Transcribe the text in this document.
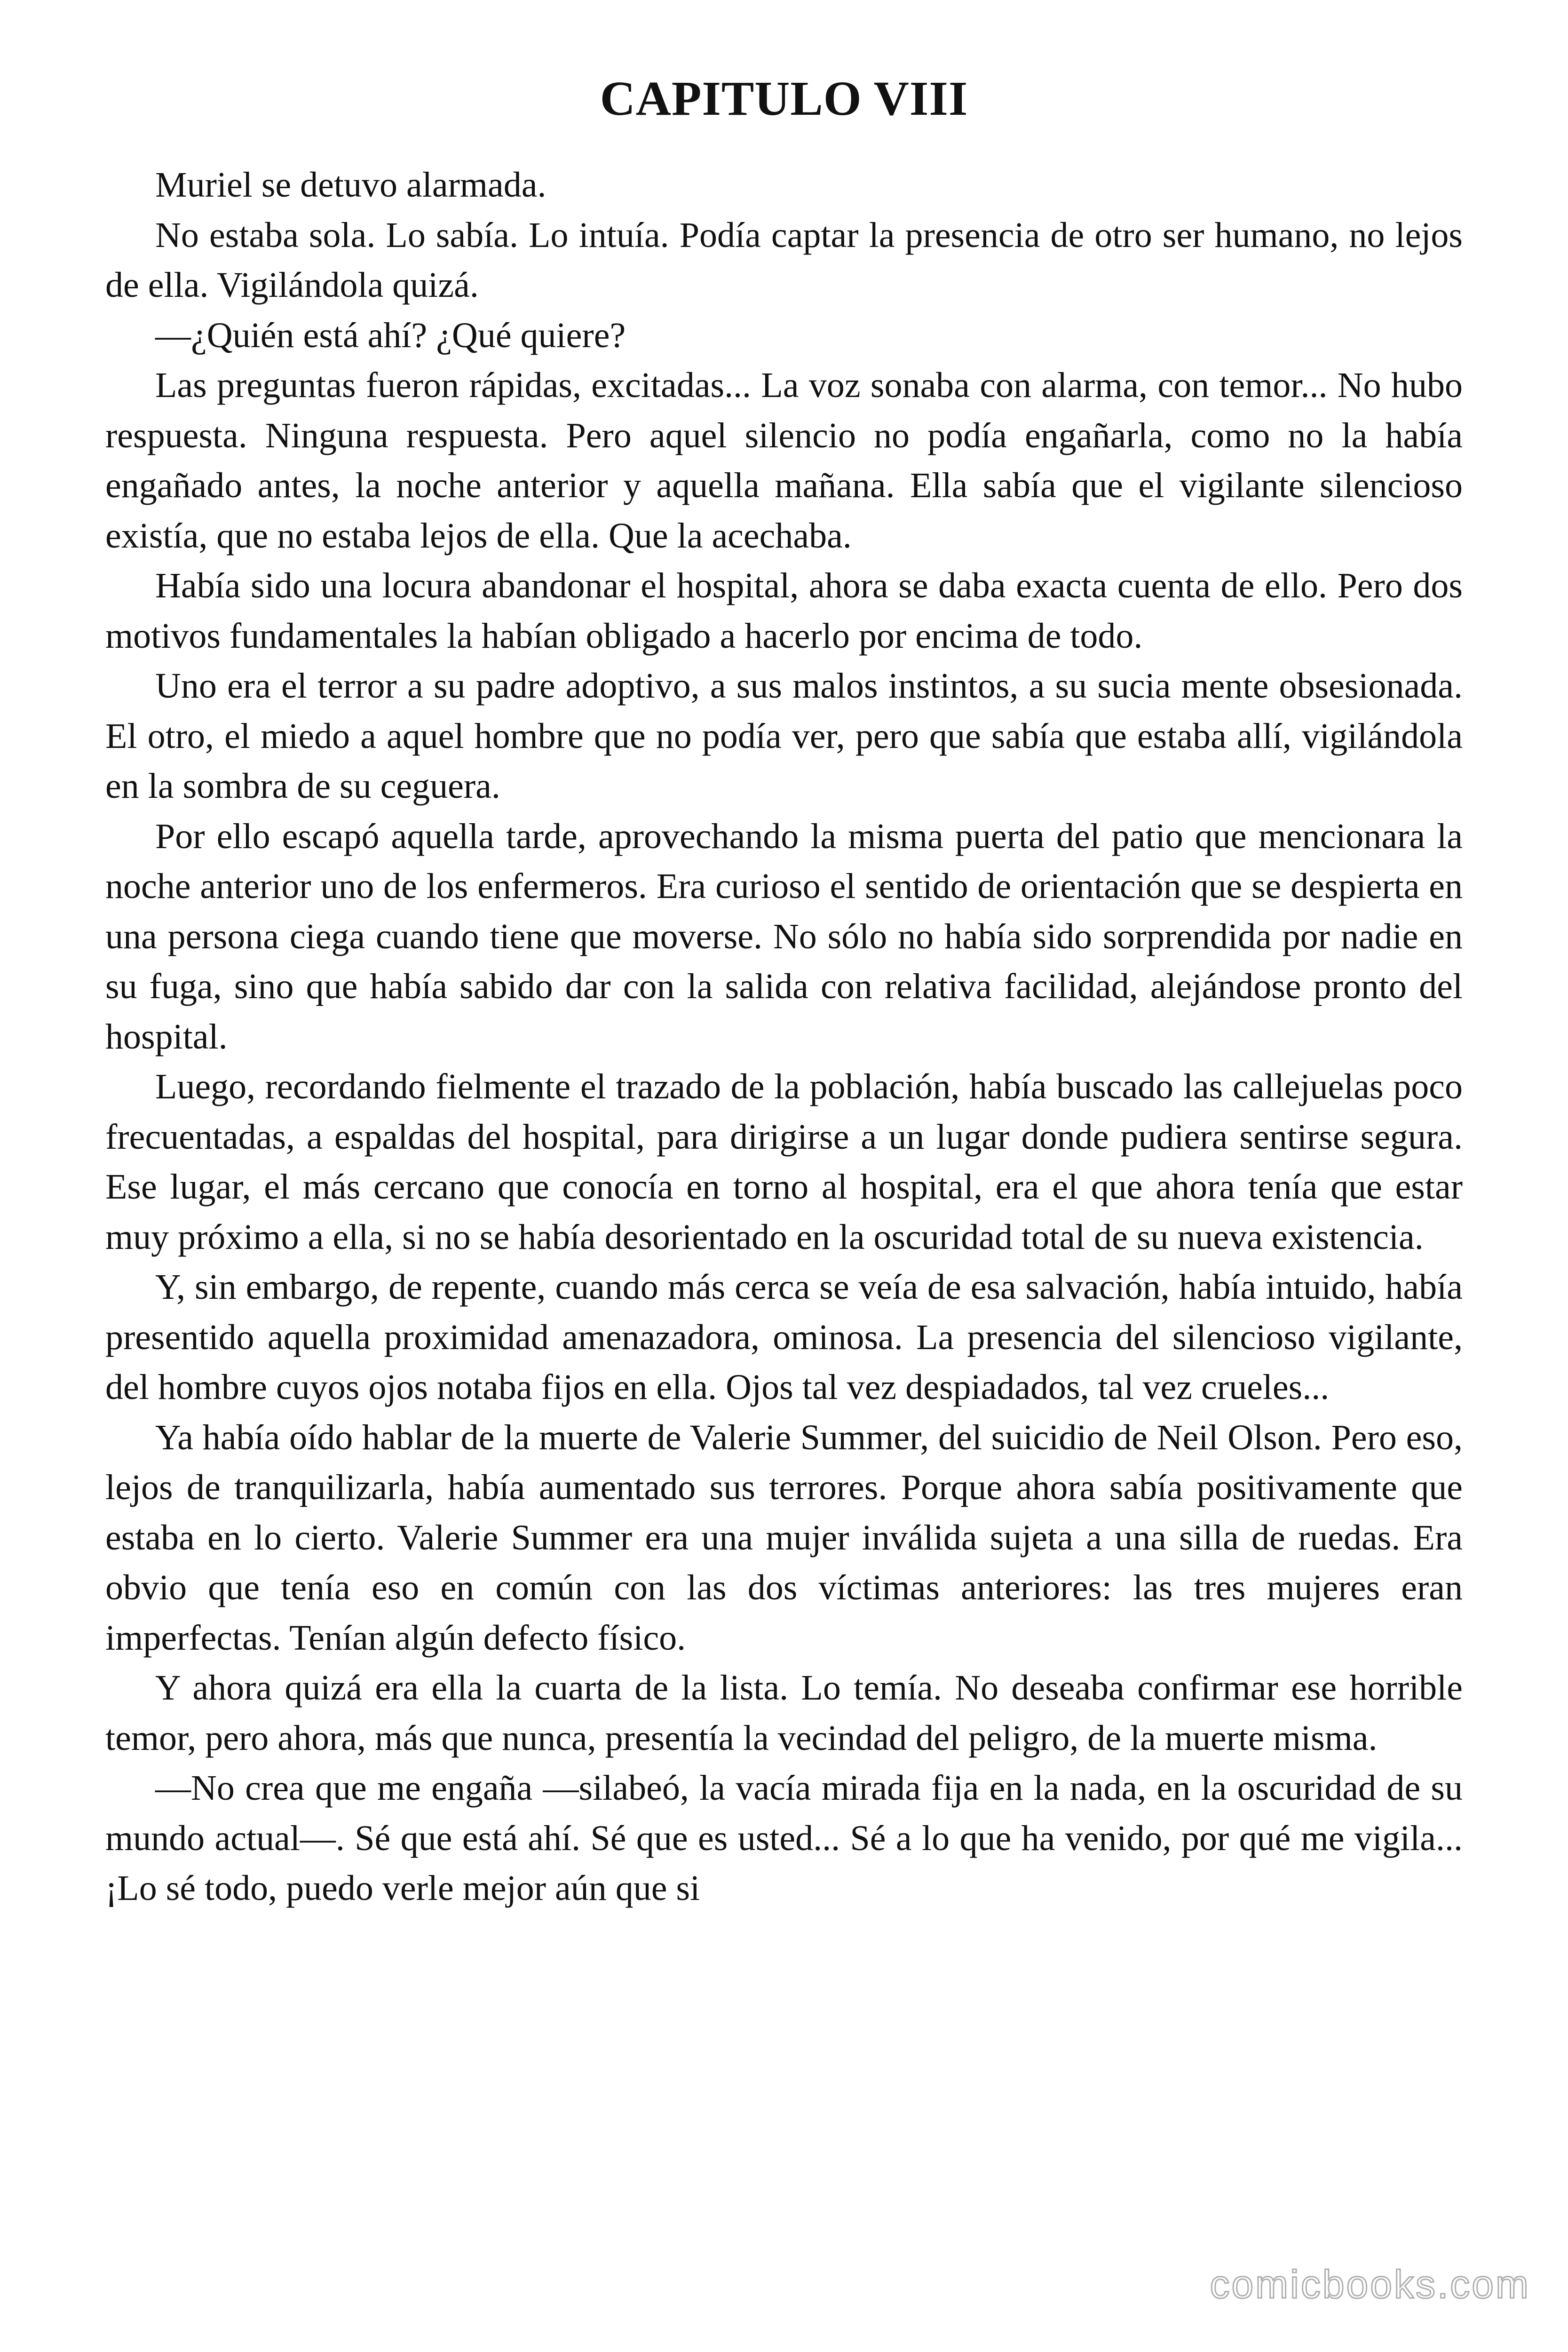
CAPITULO VIII

Muriel se detuvo alarmada.

No estaba sola. Lo sabía. Lo intuía. Podía captar la presencia de otro ser humano, no lejos de ella. Vigilándola quizá.

—¿Quién está ahí? ¿Qué quiere?

Las preguntas fueron rápidas, excitadas... La voz sonaba con alarma, con temor... No hubo respuesta. Ninguna respuesta. Pero aquel silencio no podía engañarla, como no la había engañado antes, la noche anterior y aquella mañana. Ella sabía que el vigilante silencioso existía, que no estaba lejos de ella. Que la acechaba.

Había sido una locura abandonar el hospital, ahora se daba exacta cuenta de ello. Pero dos motivos fundamentales la habían obligado a hacerlo por encima de todo.

Uno era el terror a su padre adoptivo, a sus malos instintos, a su sucia mente obsesionada. El otro, el miedo a aquel hombre que no podía ver, pero que sabía que estaba allí, vigilándola en la sombra de su ceguera.

Por ello escapó aquella tarde, aprovechando la misma puerta del patio que mencionara la noche anterior uno de los enfermeros. Era curioso el sentido de orientación que se despierta en una persona ciega cuando tiene que moverse. No sólo no había sido sorprendida por nadie en su fuga, sino que había sabido dar con la salida con relativa facilidad, alejándose pronto del hospital.

Luego, recordando fielmente el trazado de la población, había buscado las callejuelas poco frecuentadas, a espaldas del hospital, para dirigirse a un lugar donde pudiera sentirse segura. Ese lugar, el más cercano que conocía en torno al hospital, era el que ahora tenía que estar muy próximo a ella, si no se había desorientado en la oscuridad total de su nueva existencia.

Y, sin embargo, de repente, cuando más cerca se veía de esa salvación, había intuido, había presentido aquella proximidad amenazadora, ominosa. La presencia del silencioso vigilante, del hombre cuyos ojos notaba fijos en ella. Ojos tal vez despiadados, tal vez crueles...

Ya había oído hablar de la muerte de Valerie Summer, del suicidio de Neil Olson. Pero eso, lejos de tranquilizarla, había aumentado sus terrores. Porque ahora sabía positivamente que estaba en lo cierto. Valerie Summer era una mujer inválida sujeta a una silla de ruedas. Era obvio que tenía eso en común con las dos víctimas anteriores: las tres mujeres eran imperfectas. Tenían algún defecto físico.

Y ahora quizá era ella la cuarta de la lista. Lo temía. No deseaba confirmar ese horrible temor, pero ahora, más que nunca, presentía la vecindad del peligro, de la muerte misma.

—No crea que me engaña —silabeó, la vacía mirada fija en la nada, en la oscuridad de su mundo actual—. Sé que está ahí. Sé que es usted... Sé a lo que ha venido, por qué me vigila... ¡Lo sé todo, puedo verle mejor aún que si

comicbooks.com
